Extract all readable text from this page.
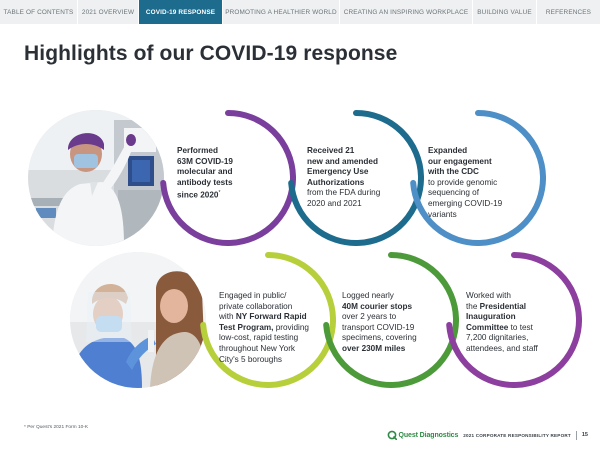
TABLE OF CONTENTS	2021 OVERVIEW	COVID-19 RESPONSE	PROMOTING A HEALTHIER WORLD	CREATING AN INSPIRING WORKPLACE	BUILDING VALUE	REFERENCES
Highlights of our COVID-19 response
Performed
63M COVID-19
molecular and
antibody tests
since 2020*
Received 21
new and amended
Emergency Use
Authorizations
from the FDA during
2020 and 2021
Expanded
our engagement
with the CDC
to provide genomic
sequencing of
emerging COVID-19
variants
Engaged in public/
private collaboration
with NY Forward Rapid
Test Program, providing
low-cost, rapid testing
throughout New York
City's 5 boroughs
Logged nearly
40M courier stops
over 2 years to
transport COVID-19
specimens, covering
over 230M miles
Worked with
the Presidential
Inauguration
Committee to test
7,200 dignitaries,
attendees, and staff
* Per Quest's 2021 Form 10-K
Quest Diagnostics 2021 CORPORATE RESPONSIBILITY REPORT 15
